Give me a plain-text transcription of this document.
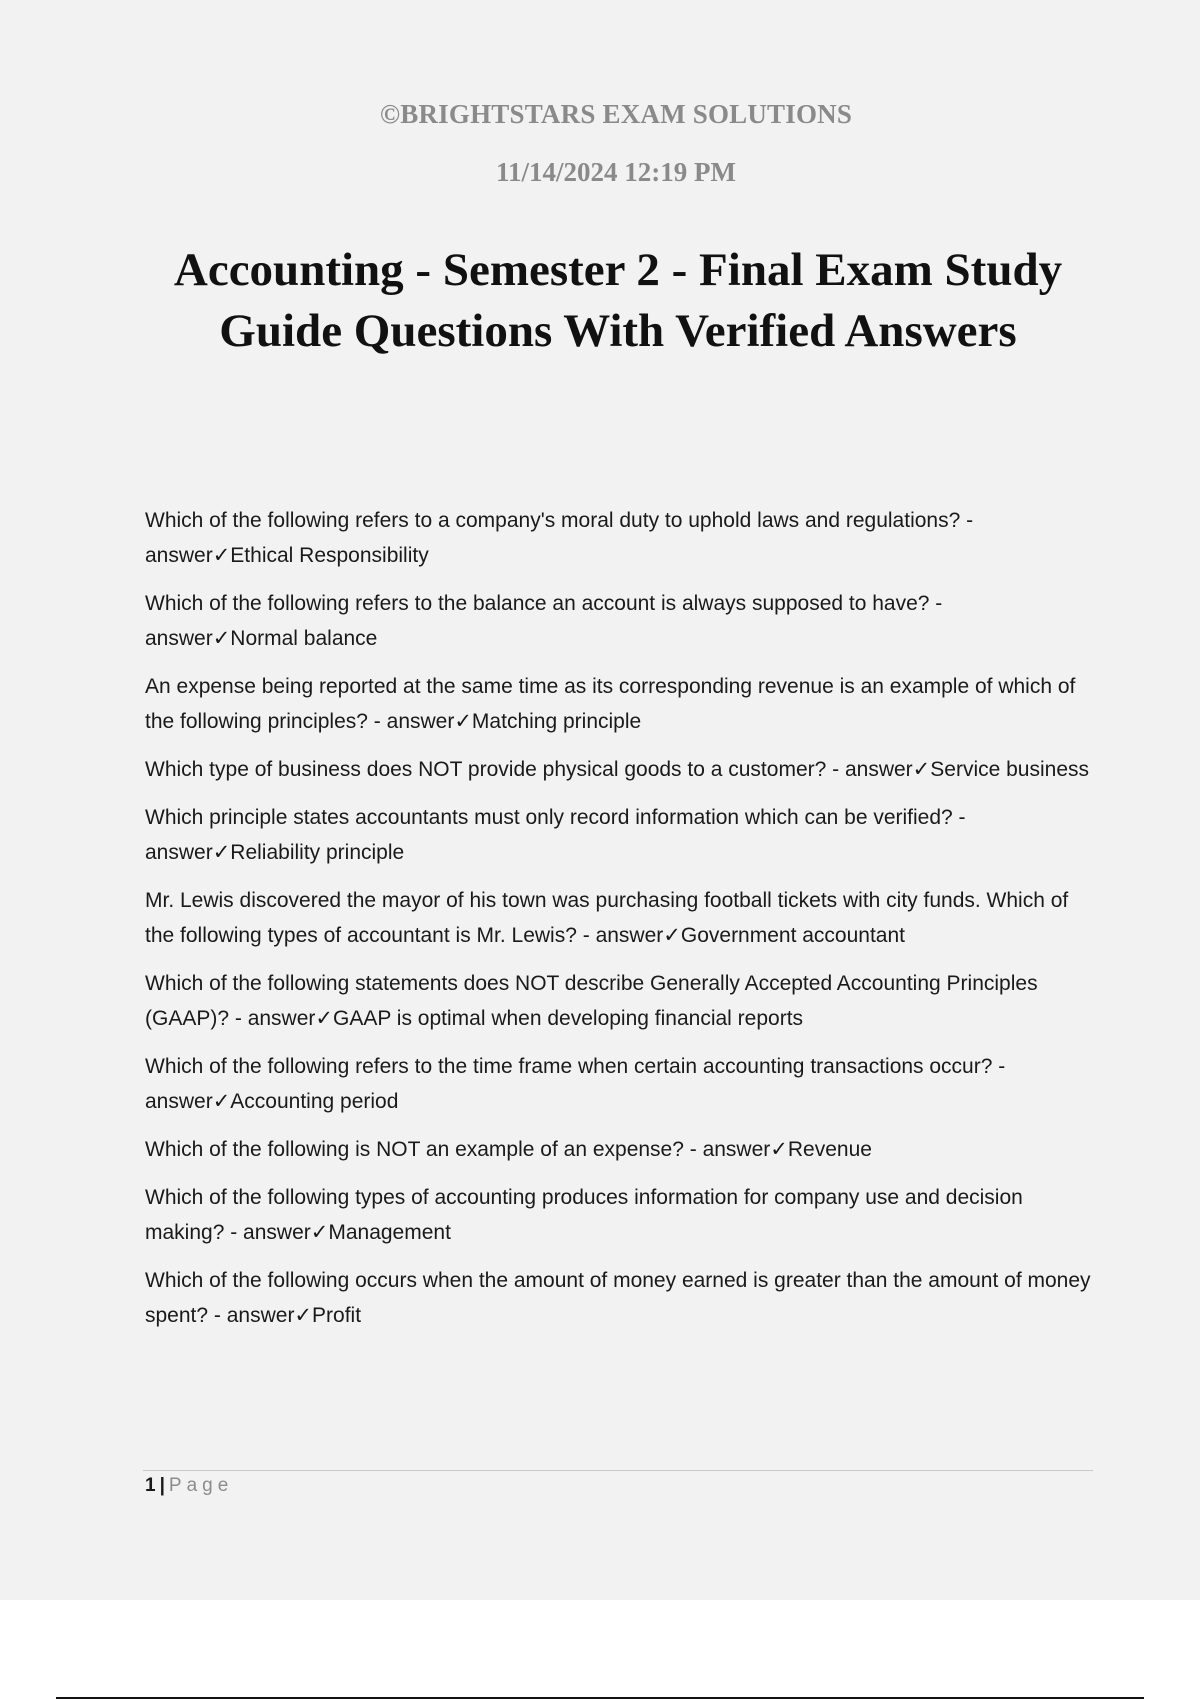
©BRIGHTSTARS EXAM SOLUTIONS
11/14/2024 12:19 PM
Accounting - Semester 2 - Final Exam Study
Guide Questions With Verified Answers
Which of the following refers to a company's moral duty to uphold laws and regulations? - answer✓Ethical Responsibility
Which of the following refers to the balance an account is always supposed to have? - answer✓Normal balance
An expense being reported at the same time as its corresponding revenue is an example of which of the following principles? - answer✓Matching principle
Which type of business does NOT provide physical goods to a customer? - answer✓Service business
Which principle states accountants must only record information which can be verified? - answer✓Reliability principle
Mr. Lewis discovered the mayor of his town was purchasing football tickets with city funds. Which of the following types of accountant is Mr. Lewis? - answer✓Government accountant
Which of the following statements does NOT describe Generally Accepted Accounting Principles (GAAP)? - answer✓GAAP is optimal when developing financial reports
Which of the following refers to the time frame when certain accounting transactions occur? - answer✓Accounting period
Which of the following is NOT an example of an expense? - answer✓Revenue
Which of the following types of accounting produces information for company use and decision making? - answer✓Management
Which of the following occurs when the amount of money earned is greater than the amount of money spent? - answer✓Profit
1 | Page
